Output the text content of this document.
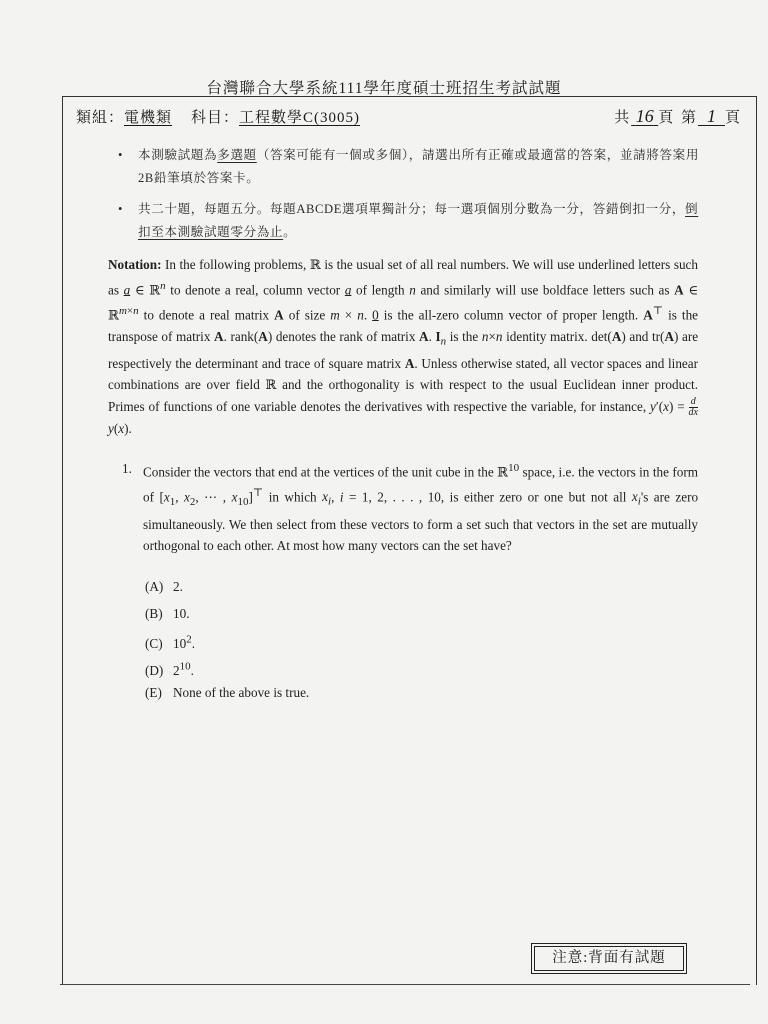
台灣聯合大學系統111學年度碩士班招生考試試題
類組：電機類 科目：工程數學C(3005)	共 16 頁 第 1 頁
• 本測驗試題為多選題（答案可能有一個或多個），請選出所有正確或最適當的答案，並請將答案用2B鉛筆填於答案卡。
• 共二十題，每題五分。每題ABCDE選項單獨計分；每一選項個別分數為一分，答錯倒扣一分，倒扣至本測驗試題零分為止。
Notation: In the following problems, ℝ is the usual set of all real numbers. We will use underlined letters such as a ∈ ℝ$^n$ to denote a real, column vector a of length n and similarly will use boldface letters such as A ∈ ℝ$^{m\times n}$ to denote a real matrix A of size m × n. 0 is the all-zero column vector of proper length. A⊤ is the transpose of matrix A. rank(A) denotes the rank of matrix A. $I_n$ is the n×n identity matrix. det(A) and tr(A) are respectively the determinant and trace of square matrix A. Unless otherwise stated, all vector spaces and linear combinations are over field ℝ and the orthogonality is with respect to the usual Euclidean inner product. Primes of functions of one variable denotes the derivatives with respective the variable, for instance, $y'(x) = \frac{d}{dx}$
y(x).
1. Consider the vectors that end at the vertices of the unit cube in the ℝ$^{10}$ space, i.e. the vectors in the form of [$x_1$, $x_2$, ⋯ , $x_{10}]^⊤$ in which $x_i$, i = 1, 2, . . . , 10, is either zero or one but not all $x_i's$ are zero simultaneously. We then select from these vectors to form a set such that vectors in the set are mutually orthogonal to each other. At most how many vectors can the set have?
(A) 2.
(B) 10.
(C) $10^2$.
(D) $2^{10}$.
(E) None of the above is true.
注意:背面有試題
